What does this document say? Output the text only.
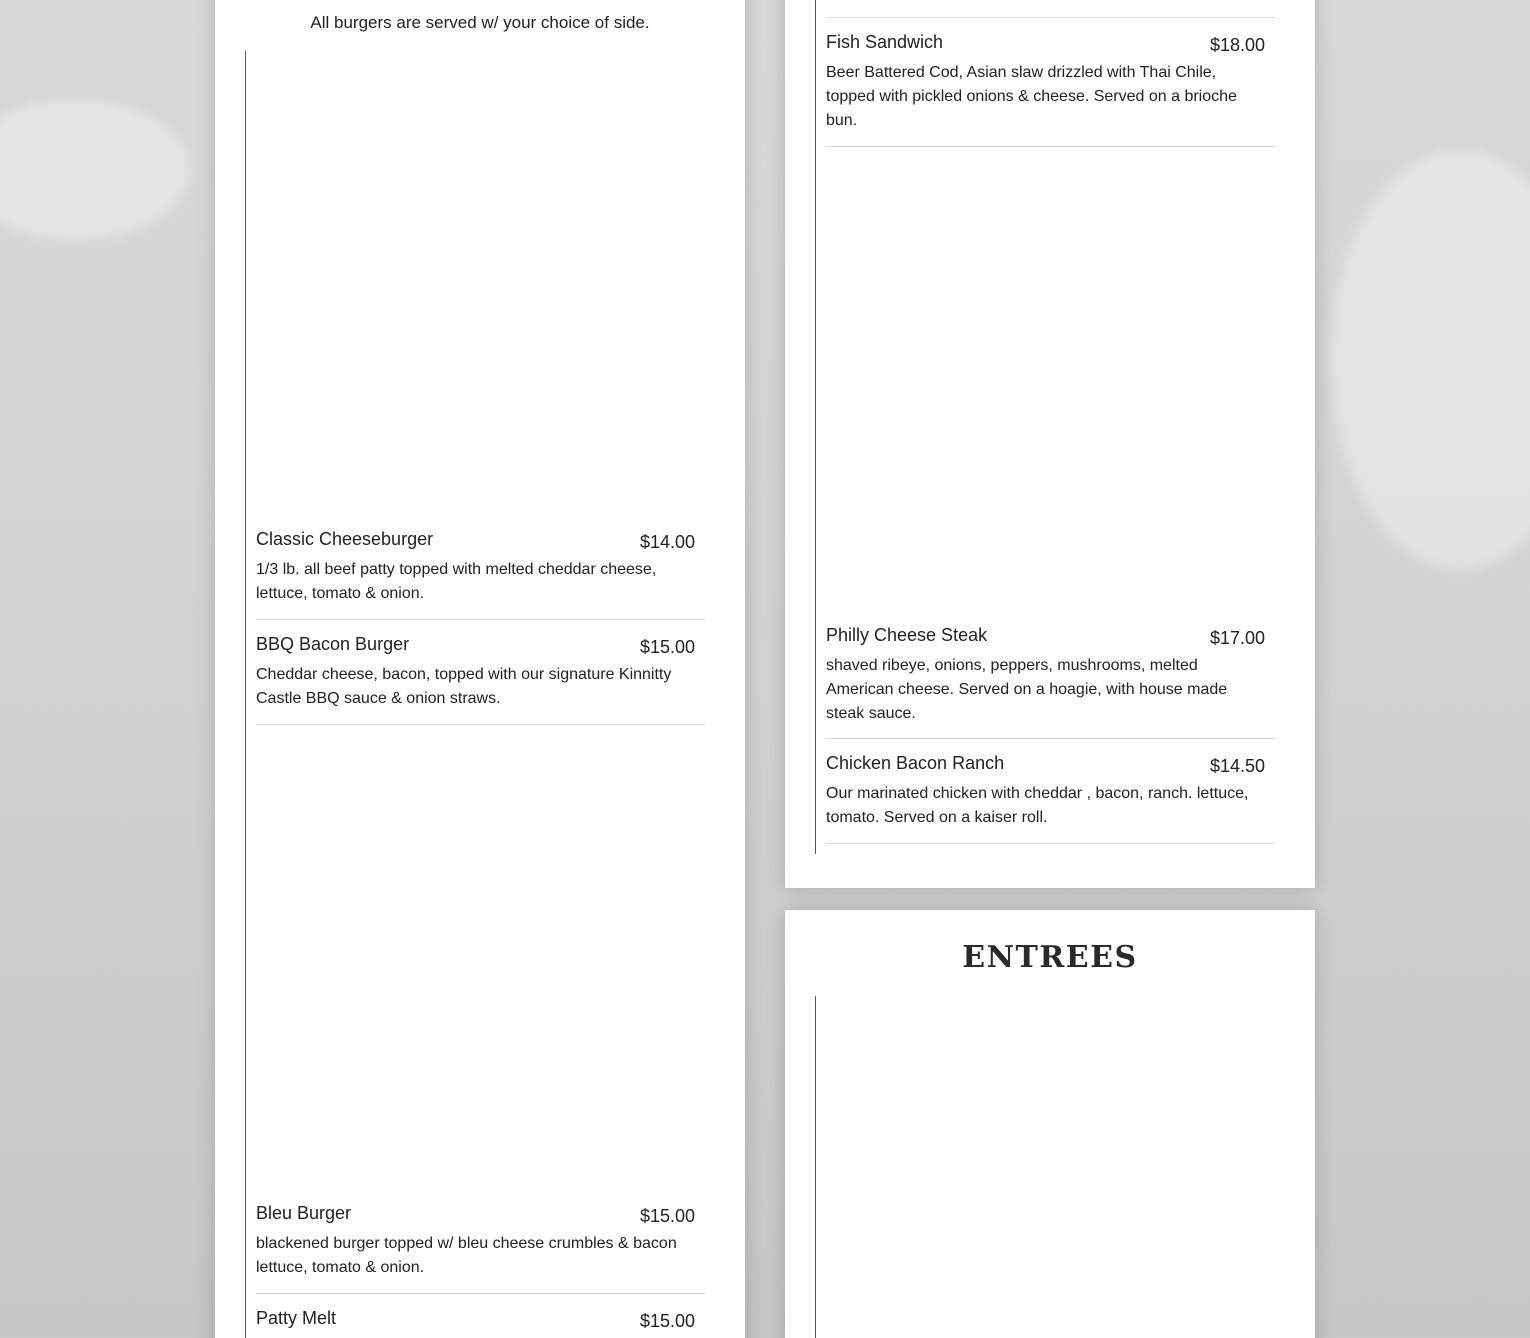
All burgers are served w/ your choice of side.
Classic Cheeseburger	$14.00
1/3 lb. all beef patty topped with melted cheddar cheese, lettuce, tomato & onion.
BBQ Bacon Burger	$15.00
Cheddar cheese, bacon, topped with our signature Kinnitty Castle BBQ sauce & onion straws.
Bleu Burger	$15.00
blackened burger topped w/ bleu cheese crumbles & bacon lettuce, tomato & onion.
Patty Melt	$15.00
Fish Sandwich	$18.00
Beer Battered Cod, Asian slaw drizzled with Thai Chile, topped with pickled onions & cheese. Served on a brioche bun.
Philly Cheese Steak	$17.00
shaved ribeye, onions, peppers, mushrooms, melted American cheese. Served on a hoagie, with house made steak sauce.
Chicken Bacon Ranch	$14.50
Our marinated chicken with cheddar , bacon, ranch. lettuce, tomato. Served on a kaiser roll.
ENTREES
